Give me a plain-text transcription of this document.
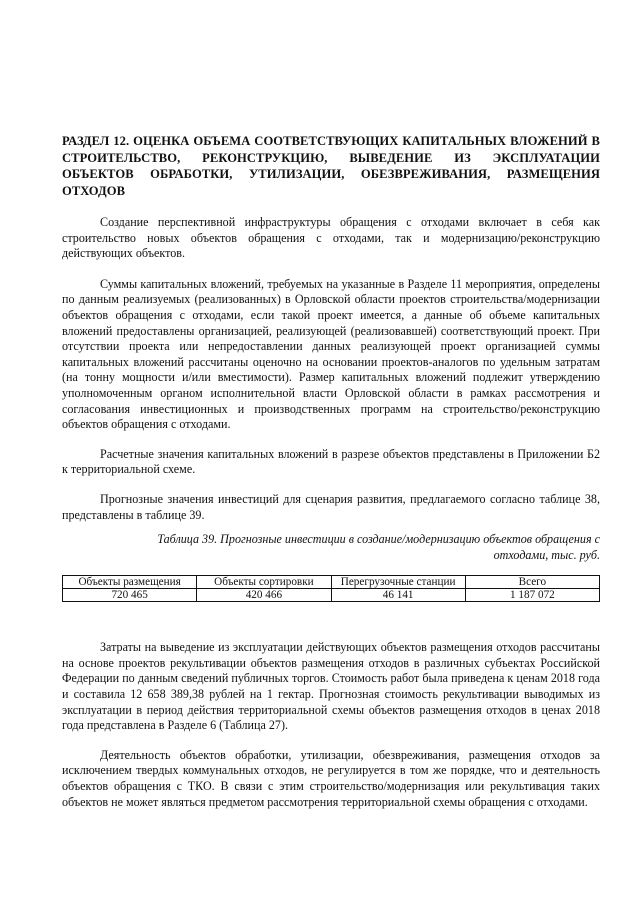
РАЗДЕЛ 12. ОЦЕНКА ОБЪЕМА СООТВЕТСТВУЮЩИХ КАПИТАЛЬНЫХ ВЛОЖЕНИЙ В СТРОИТЕЛЬСТВО, РЕКОНСТРУКЦИЮ, ВЫВЕДЕНИЕ ИЗ ЭКСПЛУАТАЦИИ ОБЪЕКТОВ ОБРАБОТКИ, УТИЛИЗАЦИИ, ОБЕЗВРЕЖИВАНИЯ, РАЗМЕЩЕНИЯ ОТХОДОВ

Создание перспективной инфраструктуры обращения с отходами включает в себя как строительство новых объектов обращения с отходами, так и модернизацию/реконструкцию действующих объектов.

Суммы капитальных вложений, требуемых на указанные в Разделе 11 мероприятия, определены по данным реализуемых (реализованных) в Орловской области проектов строительства/модернизации объектов обращения с отходами, если такой проект имеется, а данные об объеме капитальных вложений предоставлены организацией, реализующей (реализовавшей) соответствующий проект. При отсутствии проекта или непредоставлении данных реализующей проект организацией суммы капитальных вложений рассчитаны оценочно на основании проектов-аналогов по удельным затратам (на тонну мощности и/или вместимости). Размер капитальных вложений подлежит утверждению уполномоченным органом исполнительной власти Орловской области в рамках рассмотрения и согласования инвестиционных и производственных программ на строительство/реконструкцию объектов обращения с отходами.

Расчетные значения капитальных вложений в разрезе объектов представлены в Приложении Б2 к территориальной схеме.

Прогнозные значения инвестиций для сценария развития, предлагаемого согласно таблице 38, представлены в таблице 39.

Таблица 39. Прогнозные инвестиции в создание/модернизацию объектов обращения с отходами, тыс. руб.
Объекты размещения	Объекты сортировки	Перегрузочные станции	Всего
720 465	420 466	46 141	1 187 072

Затраты на выведение из эксплуатации действующих объектов размещения отходов рассчитаны на основе проектов рекультивации объектов размещения отходов в различных субъектах Российской Федерации по данным сведений публичных торгов. Стоимость работ была приведена к ценам 2018 года и составила 12 658 389,38 рублей на 1 гектар. Прогнозная стоимость рекультивации выводимых из эксплуатации в период действия территориальной схемы объектов размещения отходов в ценах 2018 года представлена в Разделе 6 (Таблица 27).

Деятельность объектов обработки, утилизации, обезвреживания, размещения отходов за исключением твердых коммунальных отходов, не регулируется в том же порядке, что и деятельность объектов обращения с ТКО. В связи с этим строительство/модернизация или рекультивация таких объектов не может являться предметом рассмотрения территориальной схемы обращения с отходами.
